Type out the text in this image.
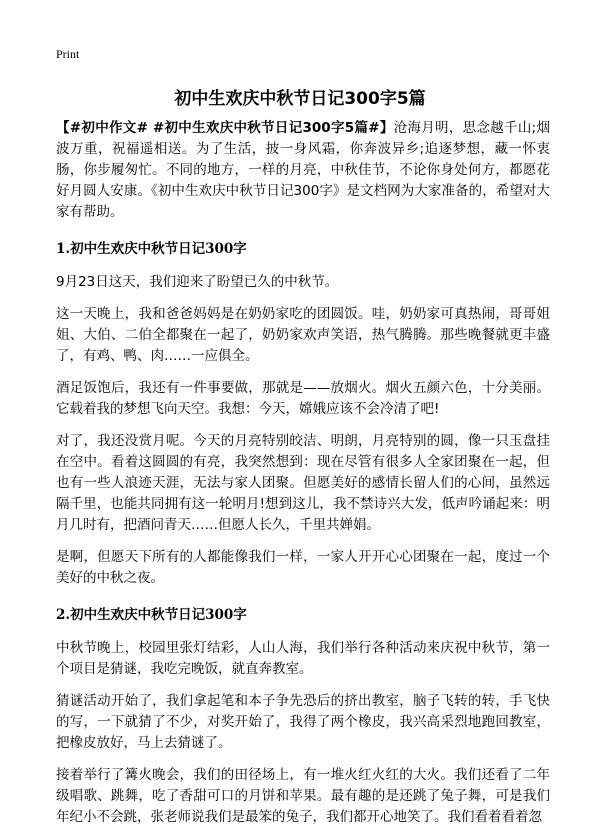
Print
初中生欢庆中秋节日记300字5篇

【#初中作文# #初中生欢庆中秋节日记300字5篇#】沧海月明，思念越千山;烟波万重，祝福遥相送。为了生活，披一身风霜，你奔波异乡;追逐梦想，藏一怀衷肠，你步履匆忙。不同的地方，一样的月亮，中秋佳节，不论你身处何方，都愿花好月圆人安康。《初中生欢庆中秋节日记300字》是文档网为大家准备的，希望对大家有帮助。

1.初中生欢庆中秋节日记300字

9月23日这天，我们迎来了盼望已久的中秋节。

这一天晚上，我和爸爸妈妈是在奶奶家吃的团圆饭。哇，奶奶家可真热闹，哥哥姐姐、大伯、二伯全都聚在一起了，奶奶家欢声笑语，热气腾腾。那些晚餐就更丰盛了，有鸡、鸭、肉……一应俱全。

酒足饭饱后，我还有一件事要做，那就是——放烟火。烟火五颜六色，十分美丽。它载着我的梦想飞向天空。我想：今天，嫦娥应该不会冷清了吧!

对了，我还没赏月呢。今天的月亮特别皎洁、明朗，月亮特别的圆，像一只玉盘挂在空中。看着这圆圆的有亮，我突然想到：现在尽管有很多人全家团聚在一起，但也有一些人浪迹天涯，无法与家人团聚。但愿美好的感情长留人们的心间，虽然远隔千里，也能共同拥有这一轮明月!想到这儿，我不禁诗兴大发，低声吟诵起来：明月几时有，把酒问青天……但愿人长久，千里共婵娟。

是啊，但愿天下所有的人都能像我们一样，一家人开开心心团聚在一起，度过一个美好的中秋之夜。

2.初中生欢庆中秋节日记300字

中秋节晚上，校园里张灯结彩，人山人海，我们举行各种活动来庆祝中秋节，第一个项目是猜谜，我吃完晚饭，就直奔教室。

猜谜活动开始了，我们拿起笔和本子争先恐后的挤出教室，脑子飞转的转，手飞快的写，一下就猜了不少，对奖开始了，我得了两个橡皮，我兴高采烈地跑回教室，把橡皮放好，马上去猜谜了。

接着举行了篝火晚会，我们的田径场上，有一堆火红火红的大火。我们还看了二年级唱歌、跳舞，吃了香甜可口的月饼和苹果。最有趣的是还跳了兔子舞，可是我们年纪小不会跳，张老师说我们是最笨的兔子，我们都开心地笑了。我们看着看着忽
